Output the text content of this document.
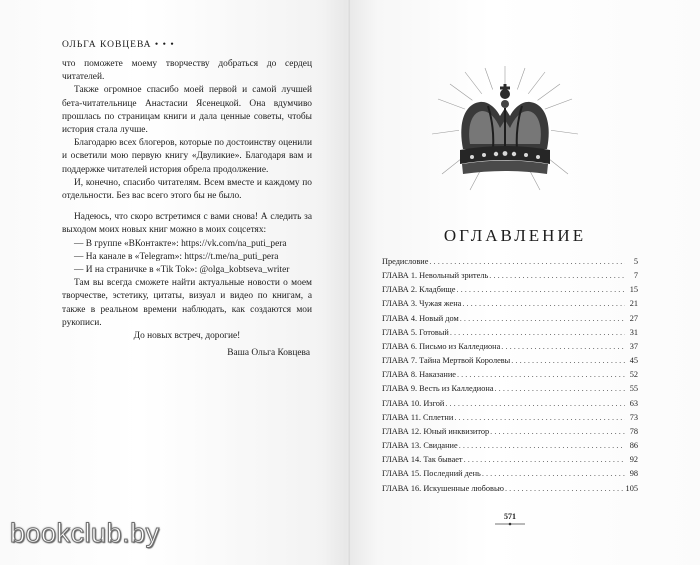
ОЛЬГА КОВЦЕВА • • •

что поможете моему творчеству добраться до сердец читателей.

Также огромное спасибо моей первой и самой лучшей бета-читательнице Анастасии Ясенецкой. Она вдумчиво прошлась по страницам книги и дала ценные советы, чтобы история стала лучше.

Благодарю всех блогеров, которые по достоинству оценили и осветили мою первую книгу «Двуликие». Благодаря вам и поддержке читателей история обрела продолжение.

И, конечно, спасибо читателям. Всем вместе и каждому по отдельности. Без вас всего этого бы не было.

Надеюсь, что скоро встретимся с вами снова! А следить за выходом моих новых книг можно в моих соцсетях:

— В группе «ВКонтакте»: https://vk.com/na_puti_pera

— На канале в «Telegram»: https://t.me/na_puti_pera

— И на страничке в «Tik Tok»: @olga_kobtseva_writer

Там вы всегда сможете найти актуальные новости о моем творчестве, эстетику, цитаты, визуал и видео по книгам, а также в реальном времени наблюдать, как создаются мои рукописи.

До новых встреч, дорогие!

Ваша Ольга Ковцева

ОГЛАВЛЕНИЕ
Предисловие . . .	5
ГЛАВА 1. Невольный зритель . . .	7
ГЛАВА 2. Кладбище . . .	15
ГЛАВА 3. Чужая жена . . .	21
ГЛАВА 4. Новый дом . . .	27
ГЛАВА 5. Готовый . . .	31
ГЛАВА 6. Письмо из Калледиона . . .	37
ГЛАВА 7. Тайна Мертвой Королевы . . .	45
ГЛАВА 8. Наказание . . .	52
ГЛАВА 9. Весть из Калледиона . . .	55
ГЛАВА 10. Изгой . . .	63
ГЛАВА 11. Сплетни . . .	73
ГЛАВА 12. Юный инквизитор . . .	78
ГЛАВА 13. Свидание . . .	86
ГЛАВА 14. Так бывает . . .	92
ГЛАВА 15. Последний день . . .	98
ГЛАВА 16. Искушенные любовью . . .	105
571
bookclub.by
